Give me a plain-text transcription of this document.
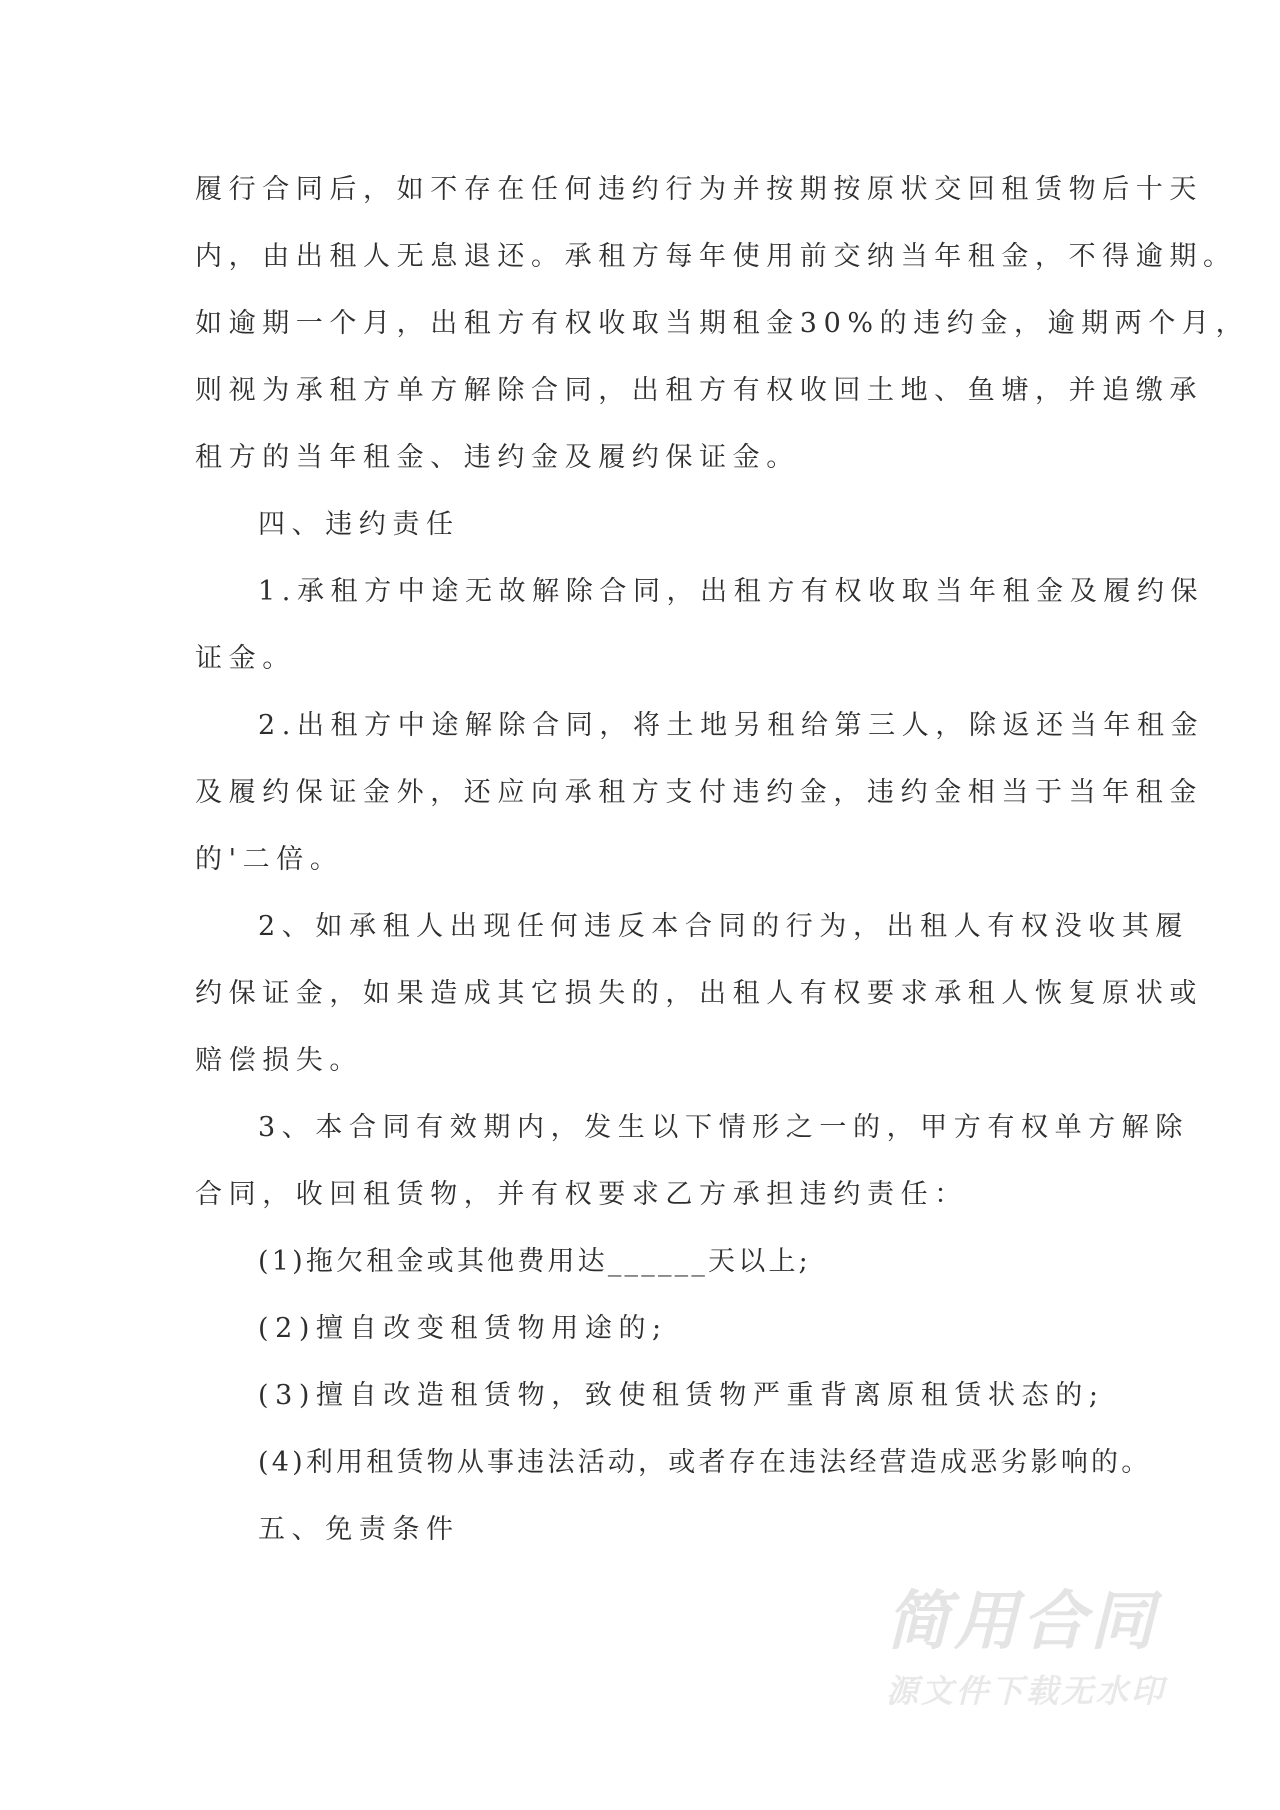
履行合同后，如不存在任何违约行为并按期按原状交回租赁物后十天
内，由出租人无息退还。承租方每年使用前交纳当年租金，不得逾期。
如逾期一个月，出租方有权收取当期租金30%的违约金，逾期两个月，
则视为承租方单方解除合同，出租方有权收回土地、鱼塘，并追缴承
租方的当年租金、违约金及履约保证金。
四、违约责任
1.承租方中途无故解除合同，出租方有权收取当年租金及履约保
证金。
2.出租方中途解除合同，将土地另租给第三人，除返还当年租金
及履约保证金外，还应向承租方支付违约金，违约金相当于当年租金
的'二倍。
2、如承租人出现任何违反本合同的行为，出租人有权没收其履
约保证金，如果造成其它损失的，出租人有权要求承租人恢复原状或
赔偿损失。
3、本合同有效期内，发生以下情形之一的，甲方有权单方解除
合同，收回租赁物，并有权要求乙方承担违约责任：
(1)拖欠租金或其他费用达______天以上;
(2)擅自改变租赁物用途的;
(3)擅自改造租赁物，致使租赁物严重背离原租赁状态的;
(4)利用租赁物从事违法活动，或者存在违法经营造成恶劣影响的。
五、免责条件
简用合同
源文件下载无水印
